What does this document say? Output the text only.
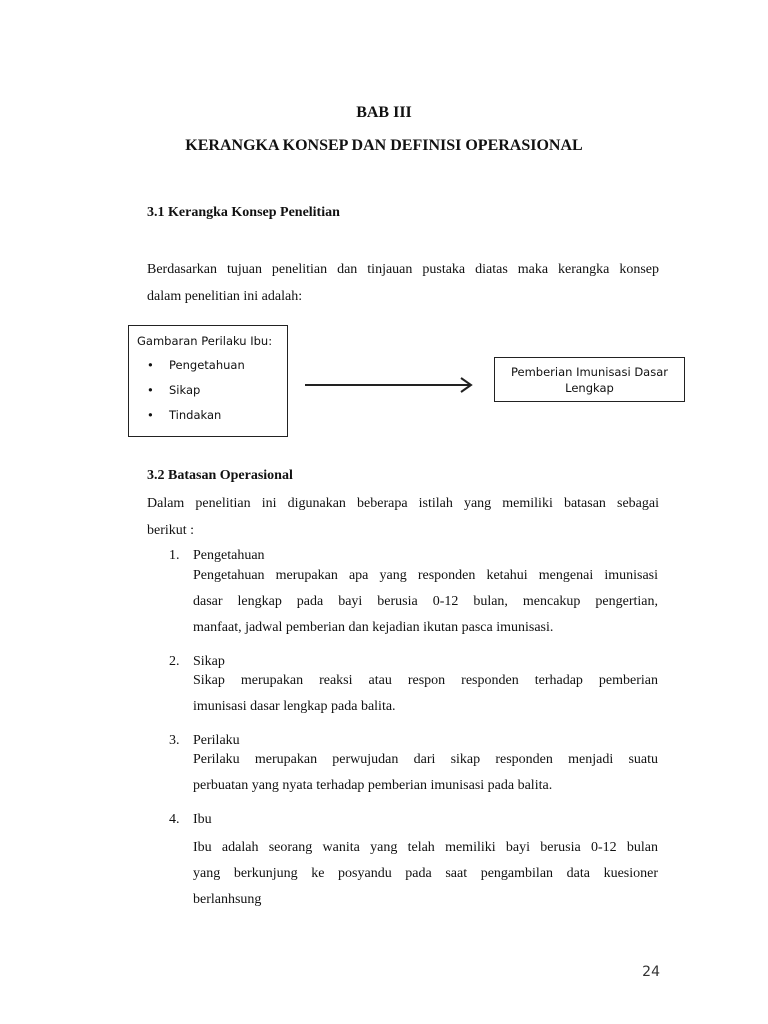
BAB III
KERANGKA KONSEP DAN DEFINISI OPERASIONAL
3.1 Kerangka Konsep Penelitian
Berdasarkan tujuan penelitian dan tinjauan pustaka diatas maka kerangka konsep
dalam penelitian ini adalah:
Gambaran Perilaku Ibu:
• Pengetahuan
• Sikap
• Tindakan
Pemberian Imunisasi Dasar
Lengkap
3.2 Batasan Operasional
Dalam penelitian ini digunakan beberapa istilah yang memiliki batasan sebagai
berikut :
1. Pengetahuan
Pengetahuan merupakan apa yang responden ketahui mengenai imunisasi
dasar lengkap pada bayi berusia 0-12 bulan, mencakup pengertian,
manfaat, jadwal pemberian dan kejadian ikutan pasca imunisasi.
2. Sikap
Sikap merupakan reaksi atau respon responden terhadap pemberian
imunisasi dasar lengkap pada balita.
3. Perilaku
Perilaku merupakan perwujudan dari sikap responden menjadi suatu
perbuatan yang nyata terhadap pemberian imunisasi pada balita.
4. Ibu
Ibu adalah seorang wanita yang telah memiliki bayi berusia 0-12 bulan
yang berkunjung ke posyandu pada saat pengambilan data kuesioner
berlanhsung
24
